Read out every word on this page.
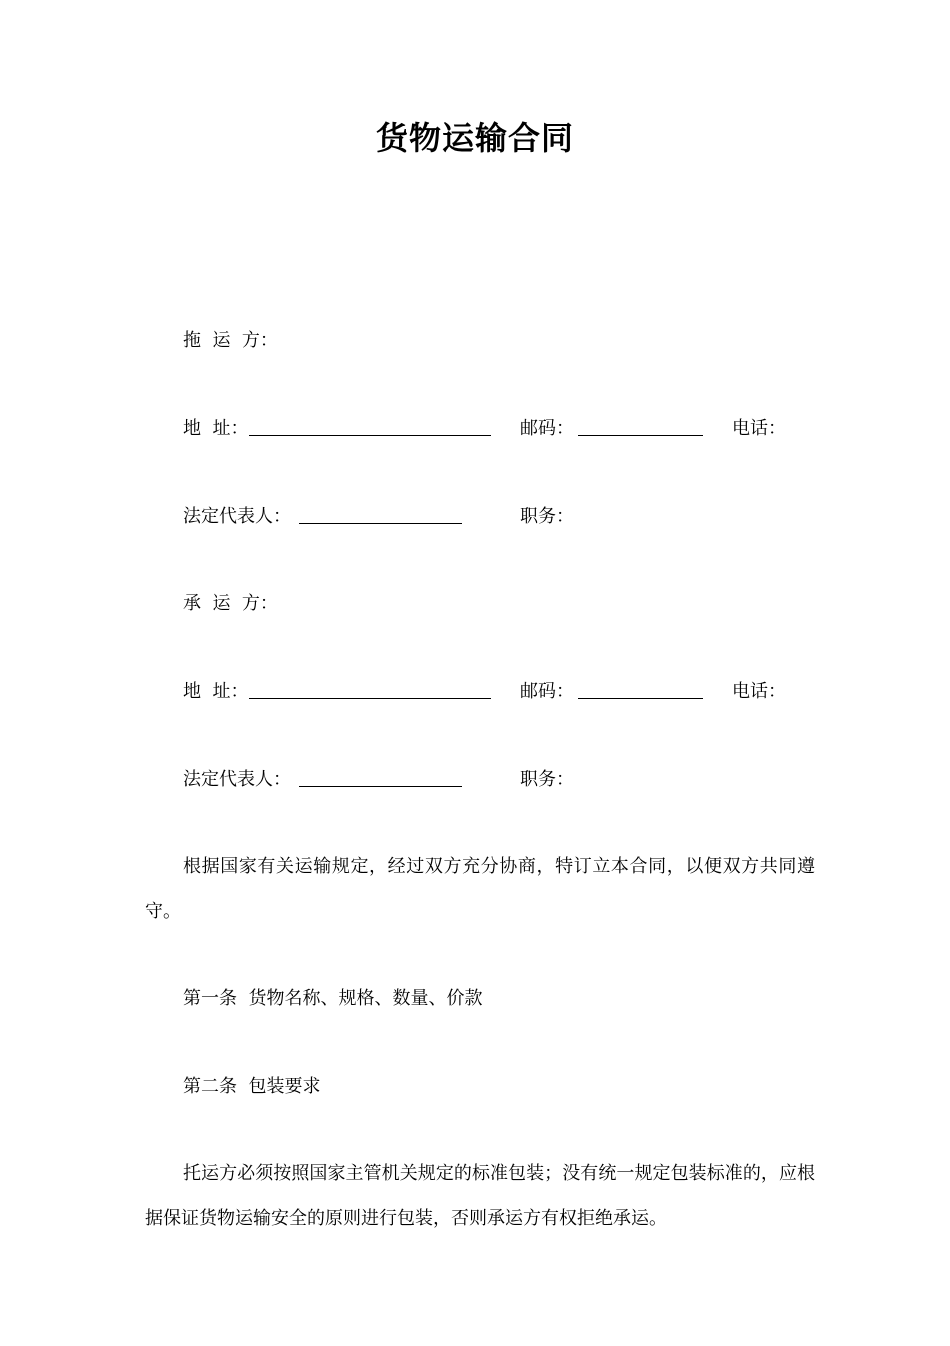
货物运输合同
拖  运  方：
地  址：	邮码：	电话：
法定代表人：	职务：
承  运  方：
地  址：	邮码：	电话：
法定代表人：	职务：
根据国家有关运输规定，经过双方充分协商，特订立本合同，以便双方共同遵守。
第一条  货物名称、规格、数量、价款
第二条  包装要求
托运方必须按照国家主管机关规定的标准包装；没有统一规定包装标准的，应根据保证货物运输安全的原则进行包装，否则承运方有权拒绝承运。
